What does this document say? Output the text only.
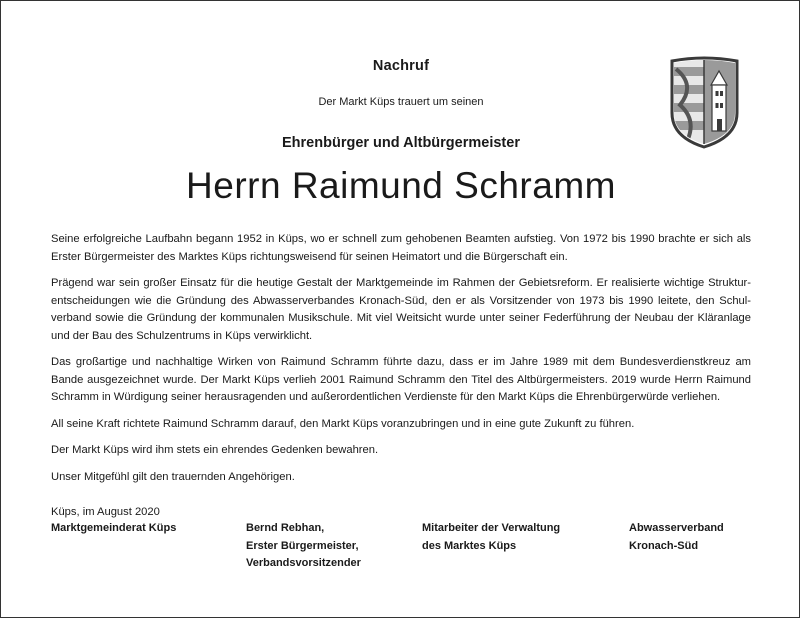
Nachruf
Der Markt Küps trauert um seinen
Ehrenbürger und Altbürgermeister
Herrn Raimund Schramm

Seine erfolgreiche Laufbahn begann 1952 in Küps, wo er schnell zum gehobenen Beamten aufstieg. Von 1972 bis 1990 brachte er sich als Erster Bürgermeister des Marktes Küps richtungsweisend für seinen Heimatort und die Bürgerschaft ein.

Prägend war sein großer Einsatz für die heutige Gestalt der Marktgemeinde im Rahmen der Gebietsreform. Er realisierte wichtige Struktur-entscheidungen wie die Gründung des Abwasserverbandes Kronach-Süd, den er als Vorsitzender von 1973 bis 1990 leitete, den Schul-verband sowie die Gründung der kommunalen Musikschule. Mit viel Weitsicht wurde unter seiner Federführung der Neubau der Kläranlage und der Bau des Schulzentrums in Küps verwirklicht.

Das großartige und nachhaltige Wirken von Raimund Schramm führte dazu, dass er im Jahre 1989 mit dem Bundesverdienstkreuz am Bande ausgezeichnet wurde. Der Markt Küps verlieh 2001 Raimund Schramm den Titel des Altbürgermeisters. 2019 wurde Herrn Raimund Schramm in Würdigung seiner herausragenden und außerordentlichen Verdienste für den Markt Küps die Ehrenbürgerwürde verliehen.

All seine Kraft richtete Raimund Schramm darauf, den Markt Küps voranzubringen und in eine gute Zukunft zu führen.

Der Markt Küps wird ihm stets ein ehrendes Gedenken bewahren.

Unser Mitgefühl gilt den trauernden Angehörigen.

Küps, im August 2020

Marktgemeinderat Küps	Bernd Rebhan,
Erster Bürgermeister,
Verbandsvorsitzender
Mitarbeiter der Verwaltung
des Marktes Küps
Abwasserverband
Kronach-Süd
